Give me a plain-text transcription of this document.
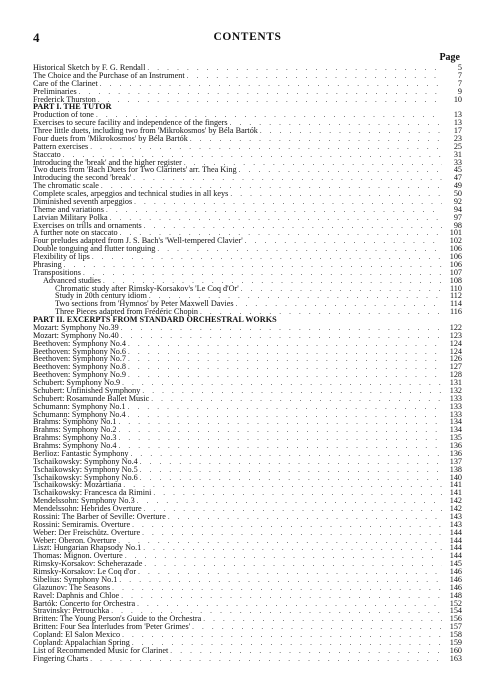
4	CONTENTS
Page
Historical Sketch by F. G. Rendall . . .	5
The Choice and the Purchase of an Instrument . . .	7
Care of the Clarinet . . .	7
Preliminaries . . .	9
Frederick Thurston . . .	10
PART I. THE TUTOR
Production of tone . . .	13
Exercises to secure facility and independence of the fingers . . .	13
Three little duets, including two from 'Mikrokosmos' by Béla Bartók . . .	17
Four duets from 'Mikrokosmos' by Béla Bartók . . .	23
Pattern exercises . . .	25
Staccato . . .	31
Introducing the 'break' and the higher register . . .	33
Two duets from 'Bach Duets for Two Clarinets' arr. Thea King . . .	45
Introducing the second 'break' . . .	47
The chromatic scale . . .	49
Complete scales, arpeggios and technical studies in all keys . . .	50
Diminished seventh arpeggios . . .	92
Theme and variations . . .	94
Latvian Military Polka . . .	97
Exercises on trills and ornaments . . .	98
A further note on staccato . . .	101
Four preludes adapted from J. S. Bach's 'Well-tempered Clavier' . . .	102
Double tonguing and flutter tonguing . . .	106
Flexibility of lips . . .	106
Phrasing . . .	106
Transpositions . . .	107
Advanced studies . . .	108
Chromatic study after Rimsky-Korsakov's 'Le Coq d'Or' . . .	110
Study in 20th century idiom . . .	112
Two sections from 'Hymnos' by Peter Maxwell Davies . . .	114
Three Pieces adapted from Frédéric Chopin . . .	116
PART II. EXCERPTS FROM STANDARD ORCHESTRAL WORKS
Mozart: Symphony No.39 . . .	122
Mozart: Symphony No.40 . . .	123
Beethoven: Symphony No.4 . . .	124
Beethoven: Symphony No.6 . . .	124
Beethoven: Symphony No.7 . . .	126
Beethoven: Symphony No.8 . . .	127
Beethoven: Symphony No.9 . . .	128
Schubert: Symphony No.9 . . .	131
Schubert: Unfinished Symphony . . .	132
Schubert: Rosamunde Ballet Music . . .	133
Schumann: Symphony No.1 . . .	133
Schumann: Symphony No.4 . . .	133
Brahms: Symphony No.1 . . .	134
Brahms: Symphony No.2 . . .	134
Brahms: Symphony No.3 . . .	135
Brahms: Symphony No.4 . . .	136
Berlioz: Fantastic Symphony . . .	136
Tschaikowsky: Symphony No.4 . . .	137
Tschaikowsky: Symphony No.5 . . .	138
Tschaikowsky: Symphony No.6 . . .	140
Tschaikowsky: Mozartiana . . .	141
Tschaikowsky: Francesca da Rimini . . .	141
Mendelssohn: Symphony No.3 . . .	142
Mendelssohn: Hebrides Overture . . .	142
Rossini: The Barber of Seville: Overture . . .	143
Rossini: Semiramis. Overture . . .	143
Weber: Der Freischütz. Overture . . .	144
Weber: Oberon. Overture . . .	144
Liszt: Hungarian Rhapsody No.1 . . .	144
Thomas: Mignon. Overture . . .	144
Rimsky-Korsakov: Scheherazade . . .	145
Rimsky-Korsakov: Le Coq d'or . . .	146
Sibelius: Symphony No.1 . . .	146
Glazunov: The Seasons . . .	146
Ravel: Daphnis and Chloe . . .	148
Bartók: Concerto for Orchestra . . .	152
Stravinsky: Petrouchka . . .	154
Britten: The Young Person's Guide to the Orchestra . . .	156
Britten: Four Sea Interludes from 'Peter Grimes' . . .	157
Copland: El Salon Mexico . . .	158
Copland: Appalachian Spring . . .	159
List of Recommended Music for Clarinet . . .	160
Fingering Charts . . .	163
